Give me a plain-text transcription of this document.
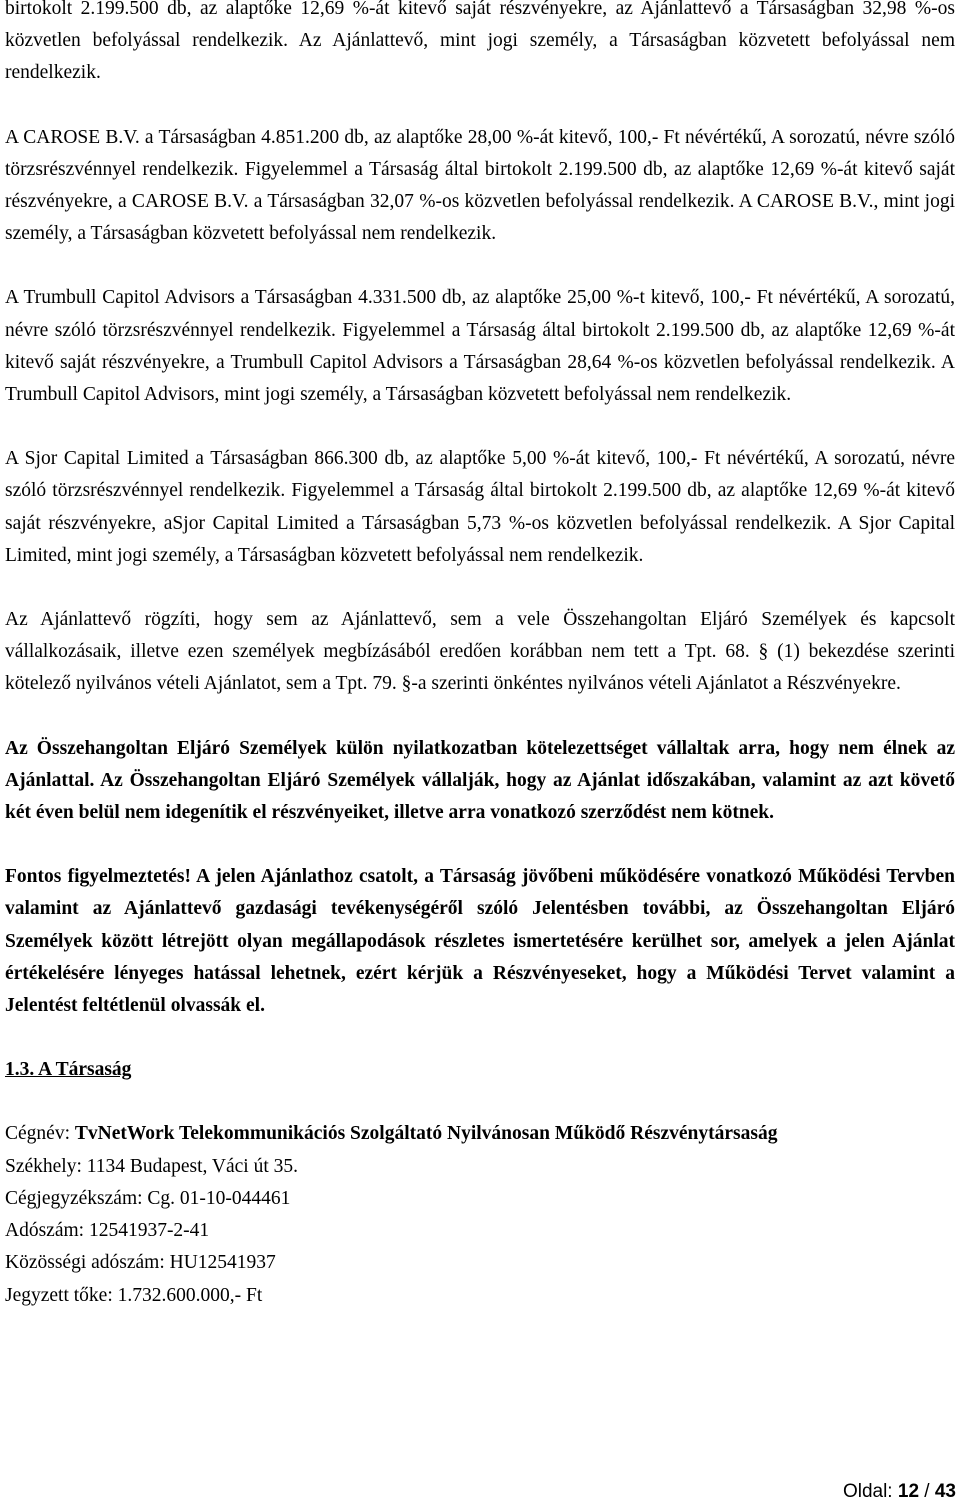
birtokolt 2.199.500 db, az alaptőke 12,69 %-át kitevő saját részvényekre, az Ajánlattevő a Társaságban 32,98 %-os közvetlen befolyással rendelkezik. Az Ajánlattevő, mint jogi személy, a Társaságban közvetett befolyással nem rendelkezik.

A CAROSE B.V. a Társaságban 4.851.200 db, az alaptőke 28,00 %-át kitevő, 100,- Ft névértékű, A sorozatú, névre szóló törzsrészvénnyel rendelkezik. Figyelemmel a Társaság által birtokolt 2.199.500 db, az alaptőke 12,69 %-át kitevő saját részvényekre, a CAROSE B.V. a Társaságban 32,07 %-os közvetlen befolyással rendelkezik. A CAROSE B.V., mint jogi személy, a Társaságban közvetett befolyással nem rendelkezik.

A Trumbull Capitol Advisors a Társaságban 4.331.500 db, az alaptőke 25,00 %-t kitevő, 100,- Ft névértékű, A sorozatú, névre szóló törzsrészvénnyel rendelkezik. Figyelemmel a Társaság által birtokolt 2.199.500 db, az alaptőke 12,69 %-át kitevő saját részvényekre, a Trumbull Capitol Advisors a Társaságban 28,64 %-os közvetlen befolyással rendelkezik. A Trumbull Capitol Advisors, mint jogi személy, a Társaságban közvetett befolyással nem rendelkezik.

A Sjor Capital Limited a Társaságban 866.300 db, az alaptőke 5,00 %-át kitevő, 100,- Ft névértékű, A sorozatú, névre szóló törzsrészvénnyel rendelkezik. Figyelemmel a Társaság által birtokolt 2.199.500 db, az alaptőke 12,69 %-át kitevő saját részvényekre, aSjor Capital Limited a Társaságban 5,73 %-os közvetlen befolyással rendelkezik. A Sjor Capital Limited, mint jogi személy, a Társaságban közvetett befolyással nem rendelkezik.

Az Ajánlattevő rögzíti, hogy sem az Ajánlattevő, sem a vele Összehangoltan Eljáró Személyek és kapcsolt vállalkozásaik, illetve ezen személyek megbízásából eredően korábban nem tett a Tpt. 68. § (1) bekezdése szerinti kötelező nyilvános vételi Ajánlatot, sem a Tpt. 79. §-a szerinti önkéntes nyilvános vételi Ajánlatot a Részvényekre.

Az Összehangoltan Eljáró Személyek külön nyilatkozatban kötelezettséget vállaltak arra, hogy nem élnek az Ajánlattal. Az Összehangoltan Eljáró Személyek vállalják, hogy az Ajánlat időszakában, valamint az azt követő két éven belül nem idegenítik el részvényeiket, illetve arra vonatkozó szerződést nem kötnek.

Fontos figyelmeztetés! A jelen Ajánlathoz csatolt, a Társaság jövőbeni működésére vonatkozó Működési Tervben valamint az Ajánlattevő gazdasági tevékenységéről szóló Jelentésben további, az Összehangoltan Eljáró Személyek között létrejött olyan megállapodások részletes ismertetésére kerülhet sor, amelyek a jelen Ajánlat értékelésére lényeges hatással lehetnek, ezért kérjük a Részvényeseket, hogy a Működési Tervet valamint a Jelentést feltétlenül olvassák el.

1.3. A Társaság
Cégnév: TvNetWork Telekommunikációs Szolgáltató Nyilvánosan Működő Részvénytársaság
Székhely: 1134 Budapest, Váci út 35.
Cégjegyzékszám: Cg. 01-10-044461
Adószám: 12541937-2-41
Közösségi adószám: HU12541937
Jegyzett tőke: 1.732.600.000,- Ft
Oldal: 12 / 43
